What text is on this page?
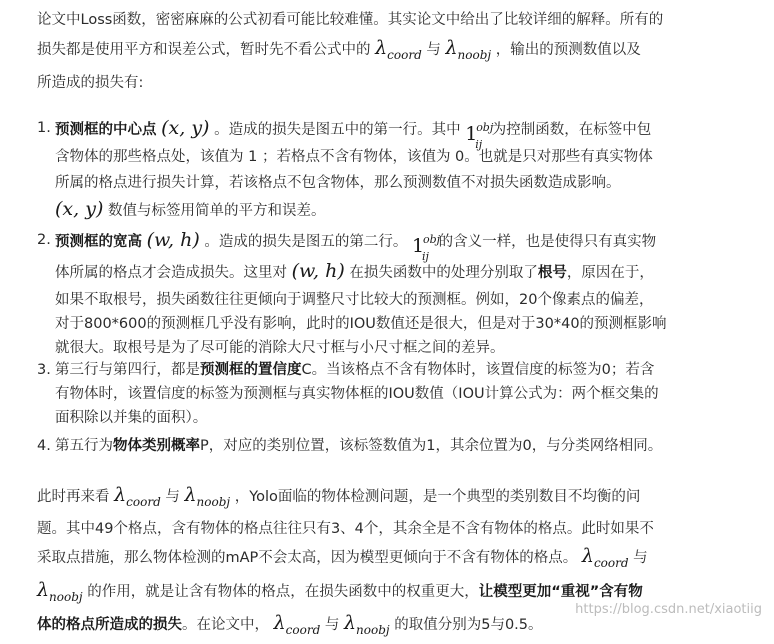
论文中Loss函数，密密麻麻的公式初看可能比较难懂。其实论文中给出了比较详细的解释。所有的

损失都是使用平方和误差公式，暂时先不看公式中的 $\lambda_{coord}$ 与 $\lambda_{noobj}$ ，输出的预测数值以及

所造成的损失有:

1. 预测框的中心点 (x, y) 。造成的损失是图五中的第一行。其中 1
obj
ij
为控制函数，在标签中包
含物体的那些格点处，该值为 1 ；若格点不含有物体，该值为 0。也就是只对那些有真实物体
所属的格点进行损失计算，若该格点不包含物体，那么预测数值不对损失函数造成影响。
(x, y) 数值与标签用简单的平方和误差。
2. 预测框的宽高 (w, h) 。造成的损失是图五的第二行。 1
obj
ij
的含义一样，也是使得只有真实物
体所属的格点才会造成损失。这里对 (w, h) 在损失函数中的处理分别取了根号，原因在于，
如果不取根号，损失函数往往更倾向于调整尺寸比较大的预测框。例如，20个像素点的偏差，
对于800*600的预测框几乎没有影响，此时的IOU数值还是很大，但是对于30*40的预测框影响
就很大。取根号是为了尽可能的消除大尺寸框与小尺寸框之间的差异。
3. 第三行与第四行，都是预测框的置信度C。当该格点不含有物体时，该置信度的标签为0；若含
有物体时，该置信度的标签为预测框与真实物体框的IOU数值（IOU计算公式为：两个框交集的
面积除以并集的面积）。
4. 第五行为物体类别概率P，对应的类别位置，该标签数值为1，其余位置为0，与分类网络相同。

此时再来看 $\lambda_{coord}$ 与 $\lambda_{noobj}$ ，Yolo面临的物体检测问题，是一个典型的类别数目不均衡的问

题。其中49个格点，含有物体的格点往往只有3、4个，其余全是不含有物体的格点。此时如果不

采取点措施，那么物体检测的mAP不会太高，因为模型更倾向于不含有物体的格点。 $\lambda_{coord}$ 与

$\lambda_{noobj}$ 的作用，就是让含有物体的格点，在损失函数中的权重更大，让模型更加“重视”含有物

体的格点所造成的损失。在论文中， $\lambda_{coord}$ 与 $\lambda_{noobj}$ 的取值分别为5与0.5。

https://blog.csdn.net/xiaotiig
